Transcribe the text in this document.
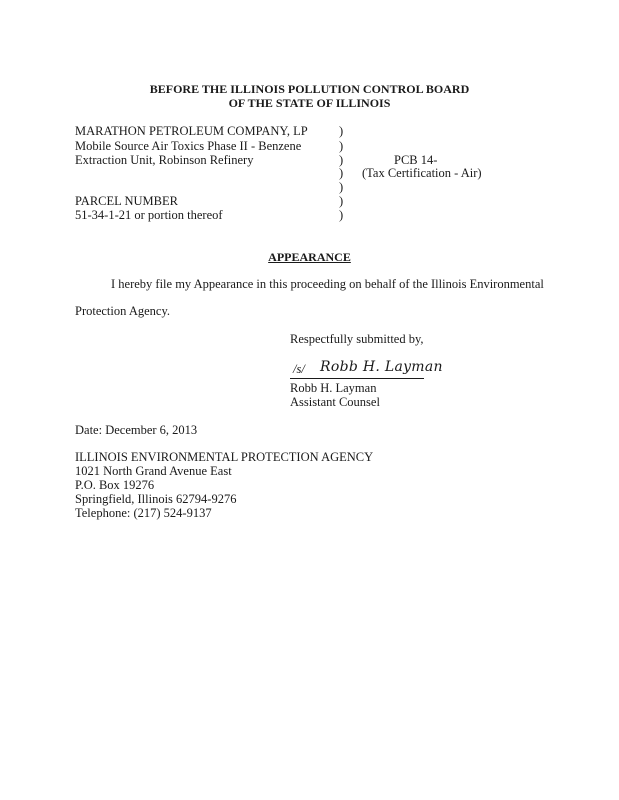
BEFORE THE ILLINOIS POLLUTION CONTROL BOARD
OF THE STATE OF ILLINOIS
MARATHON PETROLEUM COMPANY, LP
Mobile Source Air Toxics Phase II - Benzene
Extraction Unit, Robinson Refinery
PARCEL NUMBER
51-34-1-21 or portion thereof
)
)
)
)
)
)
)
PCB 14-
(Tax Certification - Air)
APPEARANCE
I hereby file my Appearance in this proceeding on behalf of the Illinois Environmental
Protection Agency.
Respectfully submitted by,
/s/ Robb H. Layman
Robb H. Layman
Assistant Counsel
Date: December 6, 2013
ILLINOIS ENVIRONMENTAL PROTECTION AGENCY
1021 North Grand Avenue East
P.O. Box 19276
Springfield, Illinois 62794-9276
Telephone: (217) 524-9137
